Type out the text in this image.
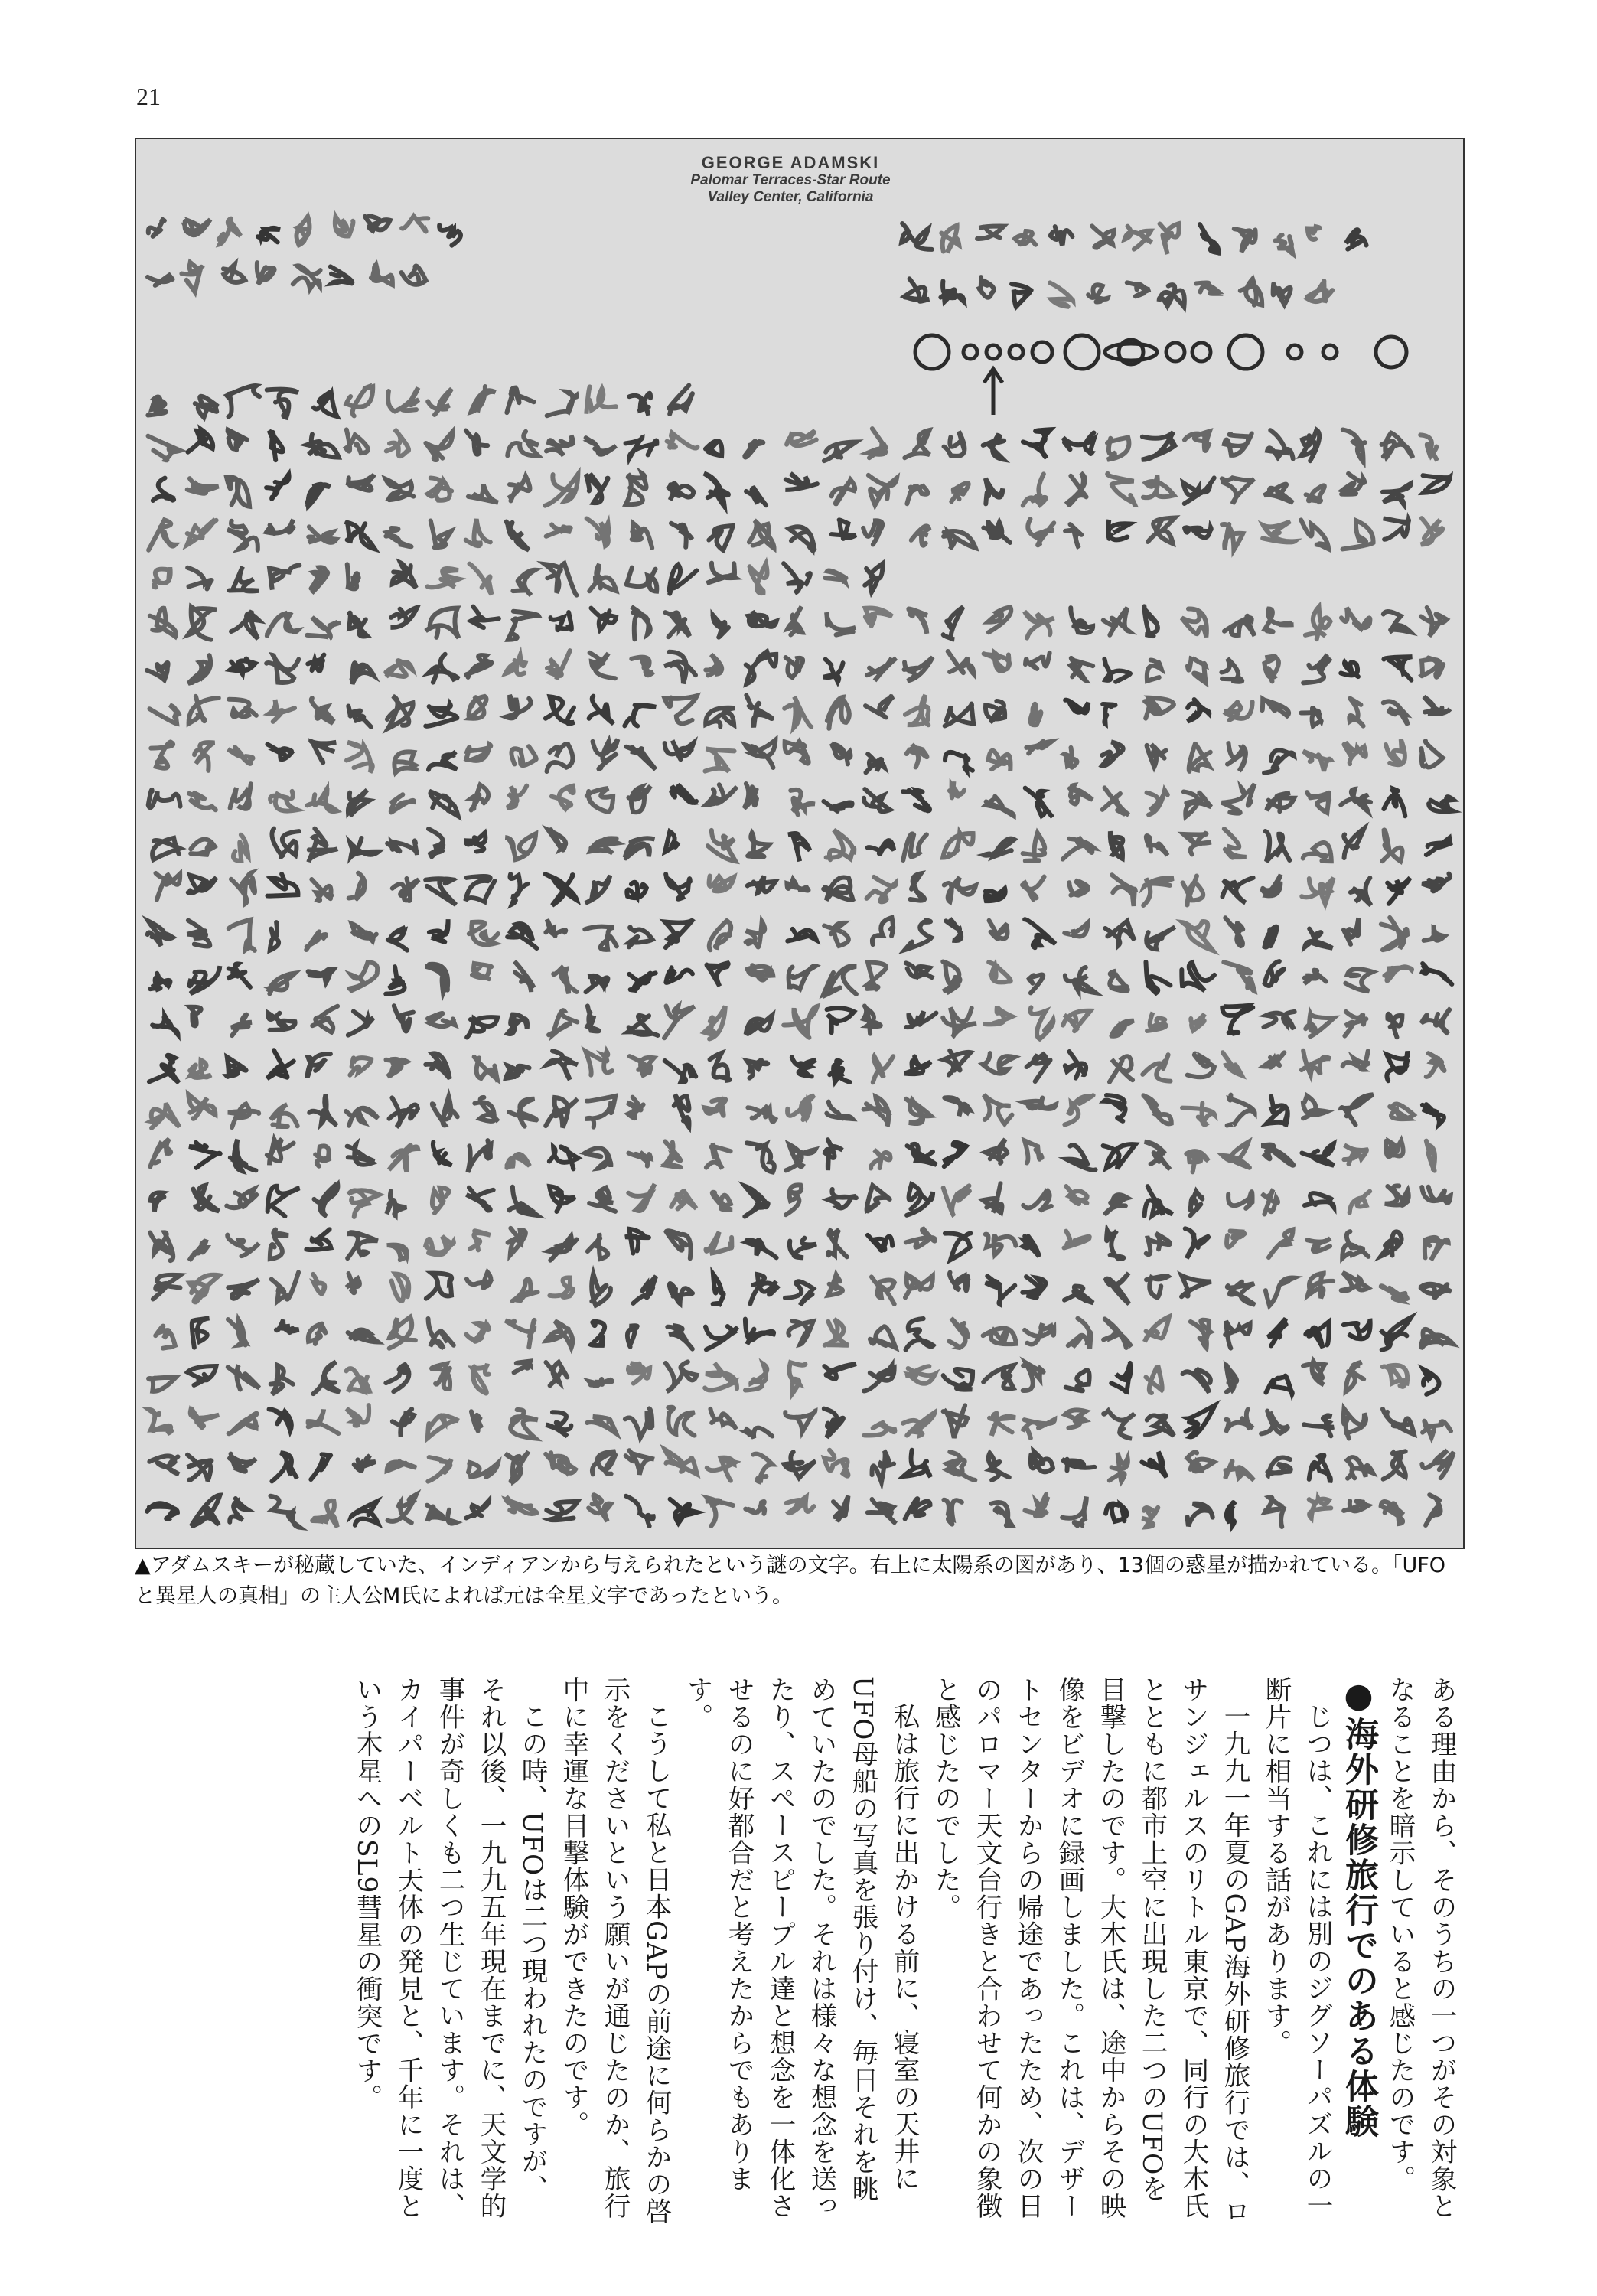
21
GEORGE ADAMSKI
Palomar Terraces-Star Route
Valley Center, California
▲アダムスキーが秘蔵していた、インディアンから与えられたという謎の文字。右上に太陽系の図があり、13個の惑星が描かれている。「UFOと異星人の真相」の主人公M氏によれば元は全星文字であったという。

ある理由から、そのうちの一つがその対象となることを暗示していると感じたのです。

●海外研修旅行でのある体験

じつは、これには別のジグソーパズルの一断片に相当する話があります。

一九九一年夏のGAP海外研修旅行では、ロサンジェルスのリトル東京で、同行の大木氏とともに都市上空に出現した二つのUFOを目撃したのです。大木氏は、途中からその映像をビデオに録画しました。これは、デザートセンターからの帰途であったため、次の日のパロマー天文台行きと合わせて何かの象徴と感じたのでした。

私は旅行に出かける前に、寝室の天井にUFO母船の写真を張り付け、毎日それを眺めていたのでした。それは様々な想念を送ったり、スペースピープル達と想念を一体化させるのに好都合だと考えたからでもあります。

こうして私と日本GAPの前途に何らかの啓示をくださいという願いが通じたのか、旅行中に幸運な目撃体験ができたのです。

この時、UFOは二つ現われたのですが、それ以後、一九九五年現在までに、天文学的事件が奇しくも二つ生じています。それは、カイパーベルト天体の発見と、千年に一度という木星へのSL9彗星の衝突です。
